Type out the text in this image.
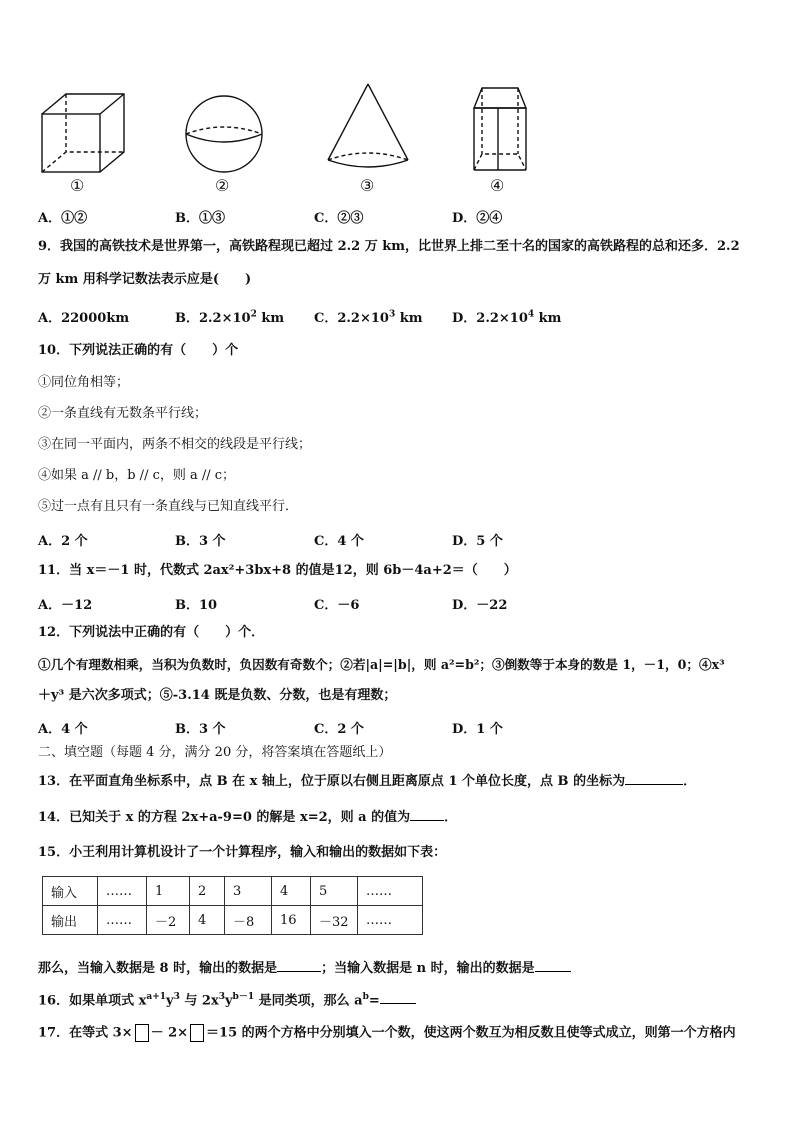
①	②	③	④
A．①②	B．①③	C．②③	D．②④
9．我国的高铁技术是世界第一，高铁路程现已超过 2.2 万 km，比世界上排二至十名的国家的高铁路程的总和还多．2.2
万 km 用科学记数法表示应是(　　)
A．22000km	B．$2.2\times 10^2$ km C．$2.2\times 10^3$ km D．$2.2\times 10^4$ km
10．下列说法正确的有（　　）个
①同位角相等；
②一条直线有无数条平行线；
③在同一平面内，两条不相交的线段是平行线；
④如果 a // b，b // c，则 a // c；
⑤过一点有且只有一条直线与已知直线平行．
A．2 个	B．3 个	C．4 个	D．5 个
11．当 x＝－1 时，代数式 2ax²+3bx+8 的值是12，则 6b－4a+2＝（　　）
A．－12	B．10	C．－6	D．－22
12．下列说法中正确的有（　　）个．
①几个有理数相乘，当积为负数时，负因数有奇数个；②若|a|=|b|，则 a²=b²；③倒数等于本身的数是 1，－1，0；④x³
＋y³ 是六次多项式；⑤-3.14 既是负数、分数，也是有理数；
A．4 个	B．3 个	C．2 个	D．1 个
二、填空题（每题 4 分，满分 20 分，将答案填在答题纸上）
13．在平面直角坐标系中，点 B 在 x 轴上，位于原以右侧且距离原点 1 个单位长度，点 B 的坐标为	．
14．已知关于 x 的方程 2x+a-9=0 的解是 x=2，则 a 的值为	．
15．小王利用计算机设计了一个计算程序，输入和输出的数据如下表：
输入	……	1	2	3	4	5	……
输出	……	－2	4	－8	16	－32	……
那么，当输入数据是 8 时，输出的数据是	；当输入数据是 n 时，输出的数据是
16．如果单项式 $x^{a+1}y^3$ 与 $2x^3y^{b-1}$ 是同类项，那么 $a^b=$
17．在等式 3× － 2× ＝15 的两个方格中分别填入一个数，使这两个数互为相反数且使等式成立，则第一个方格内
